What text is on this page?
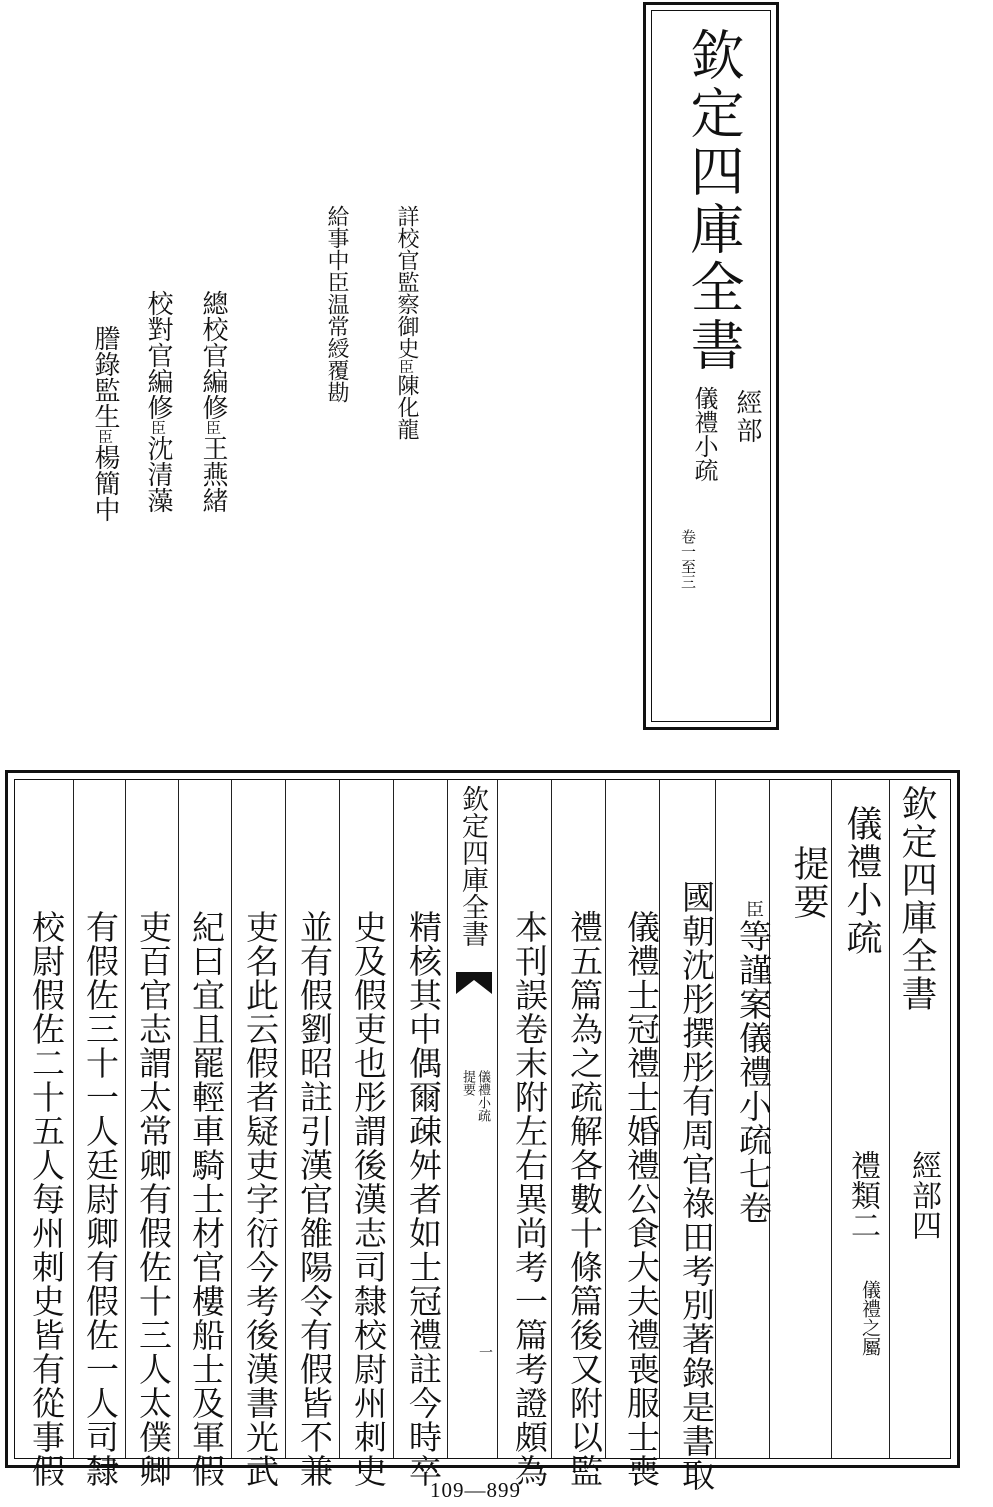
欽定四庫全書
經部
儀禮小疏
卷一至三
詳校官監察御史臣陳化龍
給事中臣温常綬覆勘
總校官編修臣王燕緒
校對官編修臣沈清藻
謄錄監生臣楊簡中
欽定四庫全書
經部四
儀禮小疏
禮類二
儀禮之屬
提要
臣等謹案儀禮小疏七卷
國朝沈彤撰彤有周官祿田考別著錄是書取
儀禮士冠禮士婚禮公食大夫禮喪服士喪
禮五篇為之疏解各數十條篇後又附以監
本刊誤卷末附左右異尚考一篇考證頗為
欽定四庫全書
儀禮小疏
提要
一
精核其中偶爾疎舛者如士冠禮註今時卒
史及假吏也彤謂後漢志司隸校尉州刺史
並有假劉昭註引漢官雒陽令有假皆不兼
吏名此云假者疑吏字衍今考後漢書光武
紀曰宜且罷輕車騎士材官樓船士及軍假
吏百官志謂太常卿有假佐十三人太僕卿
有假佐三十一人廷尉卿有假佐一人司隸
校尉假佐二十五人每州刺史皆有從事假
109—899
